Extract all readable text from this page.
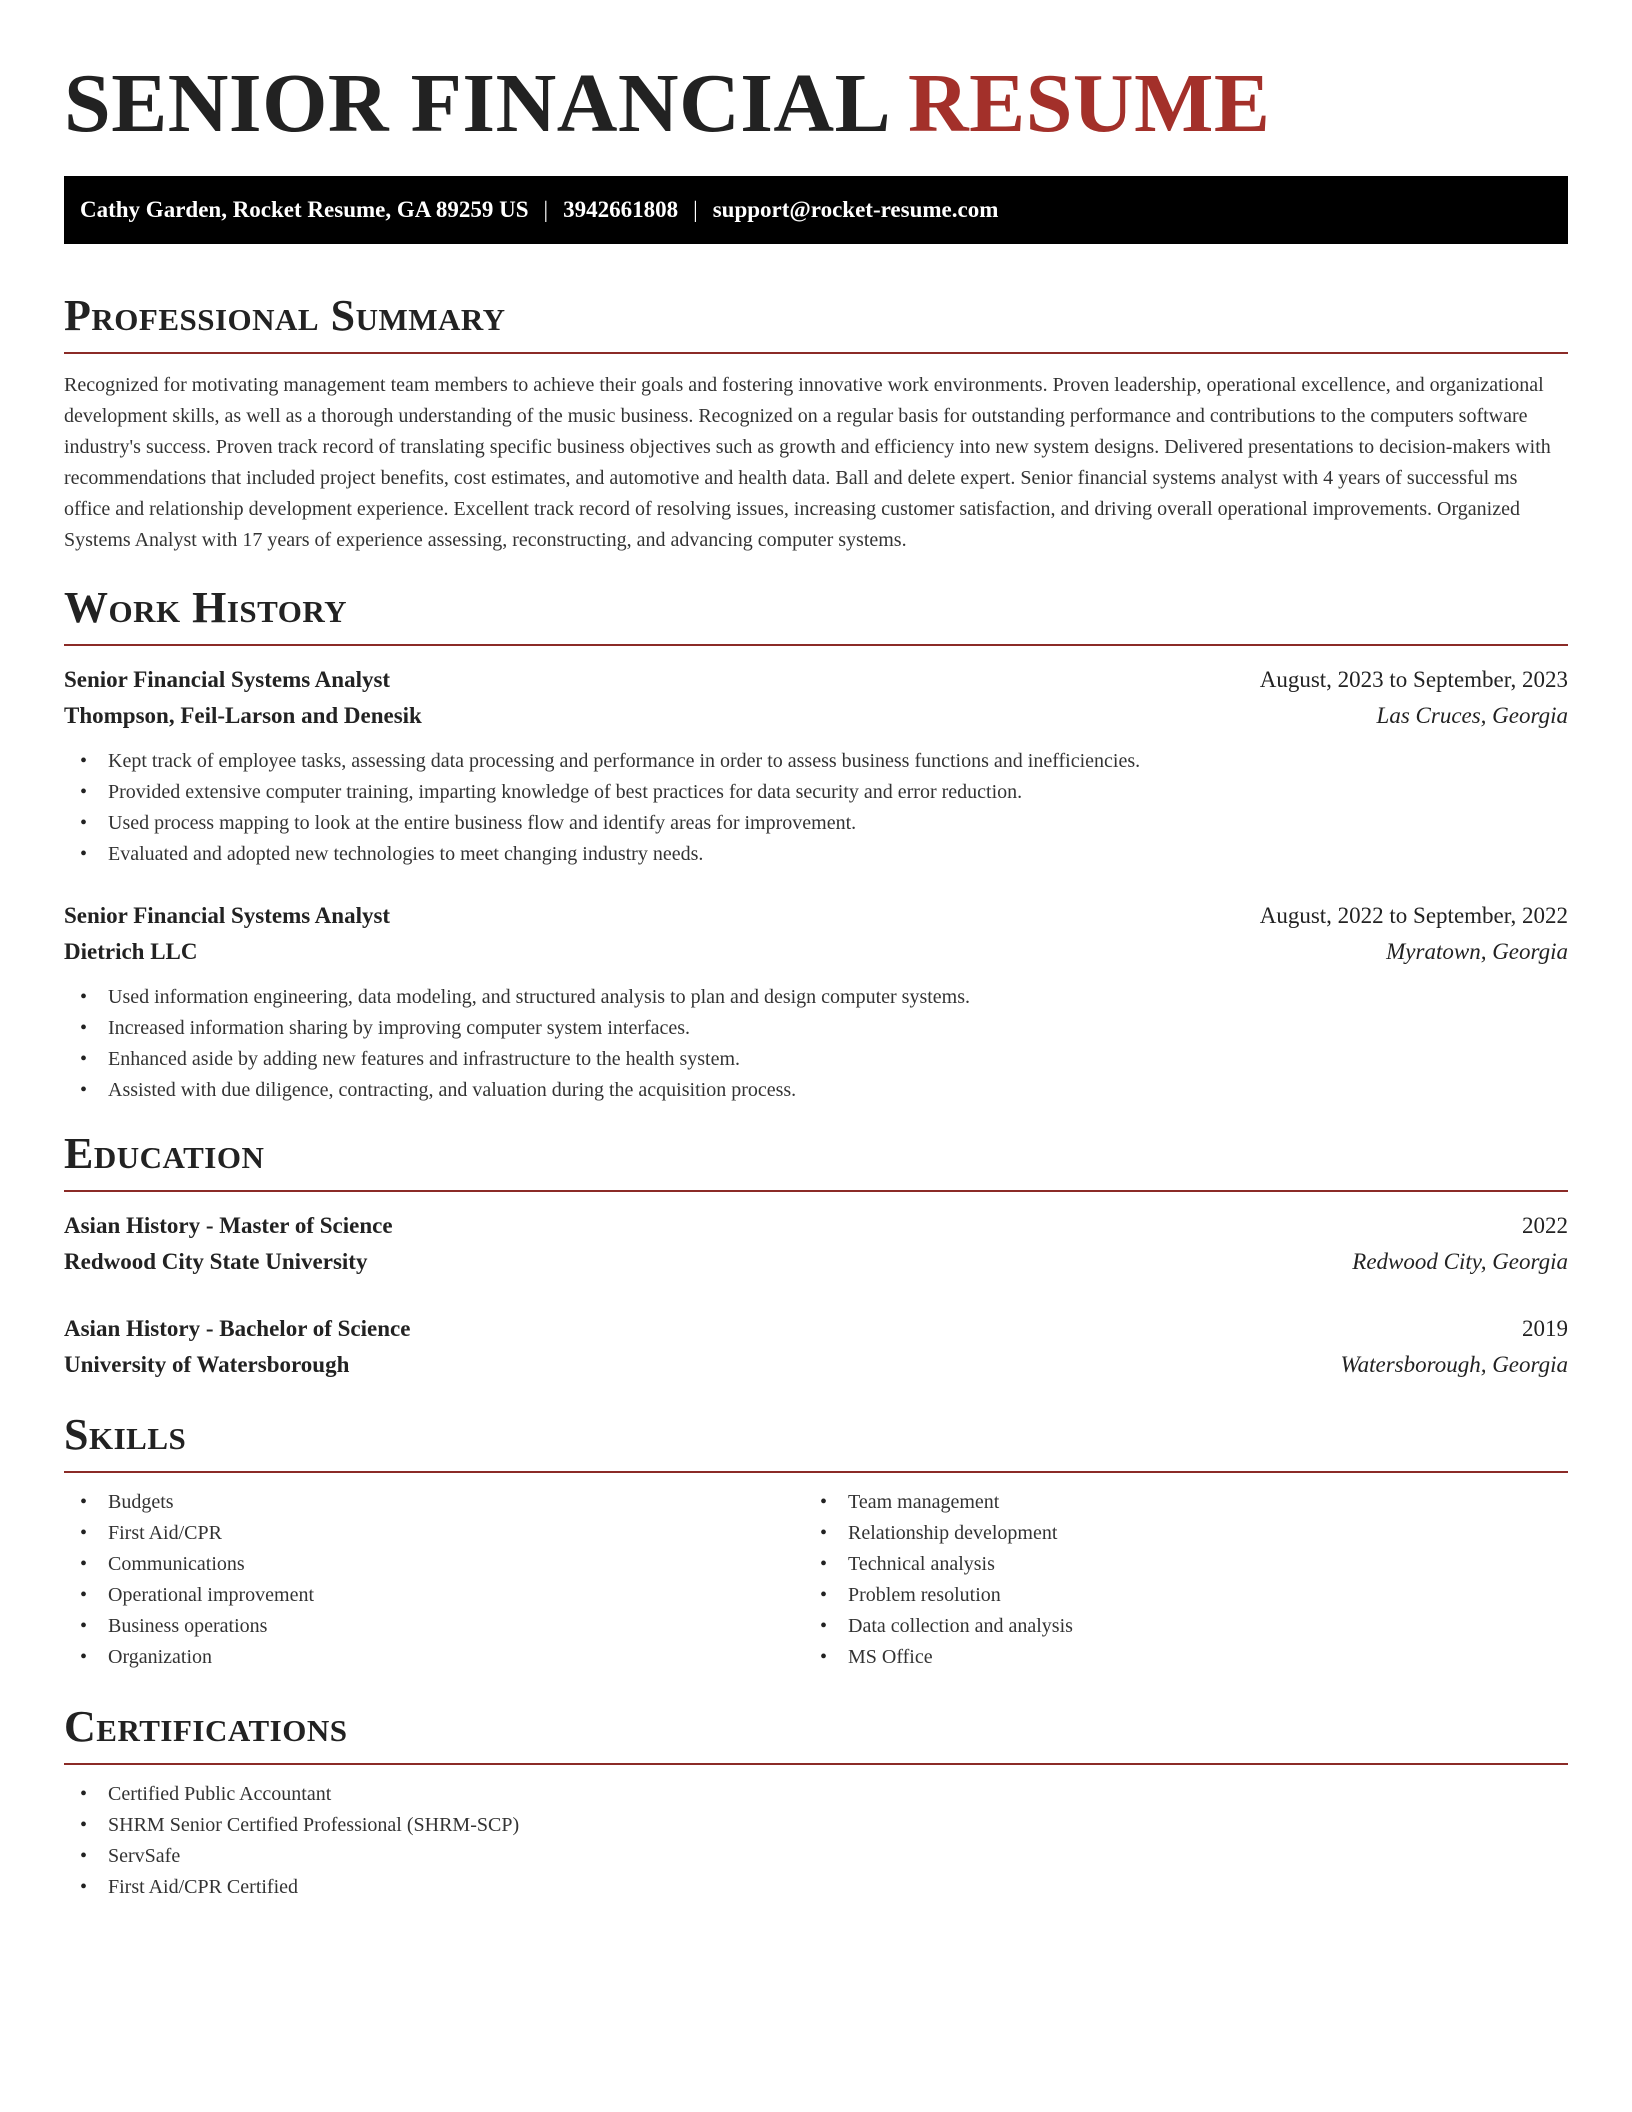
SENIOR FINANCIAL RESUME
Cathy Garden, Rocket Resume, GA 89259 US | 3942661808 | support@rocket-resume.com
Professional Summary

Recognized for motivating management team members to achieve their goals and fostering innovative work environments. Proven leadership, operational excellence, and organizational development skills, as well as a thorough understanding of the music business. Recognized on a regular basis for outstanding performance and contributions to the computers software industry's success. Proven track record of translating specific business objectives such as growth and efficiency into new system designs. Delivered presentations to decision-makers with recommendations that included project benefits, cost estimates, and automotive and health data. Ball and delete expert. Senior financial systems analyst with 4 years of successful ms office and relationship development experience. Excellent track record of resolving issues, increasing customer satisfaction, and driving overall operational improvements. Organized Systems Analyst with 17 years of experience assessing, reconstructing, and advancing computer systems.

Work History
Senior Financial Systems Analyst	August, 2023 to September, 2023
Thompson, Feil-Larson and Denesik	Las Cruces, Georgia
• Kept track of employee tasks, assessing data processing and performance in order to assess business functions and inefficiencies.
• Provided extensive computer training, imparting knowledge of best practices for data security and error reduction.
• Used process mapping to look at the entire business flow and identify areas for improvement.
• Evaluated and adopted new technologies to meet changing industry needs.
Senior Financial Systems Analyst	August, 2022 to September, 2022
Dietrich LLC	Myratown, Georgia
• Used information engineering, data modeling, and structured analysis to plan and design computer systems.
• Increased information sharing by improving computer system interfaces.
• Enhanced aside by adding new features and infrastructure to the health system.
• Assisted with due diligence, contracting, and valuation during the acquisition process.
Education
Asian History - Master of Science	2022
Redwood City State University	Redwood City, Georgia
Asian History - Bachelor of Science	2019
University of Watersborough	Watersborough, Georgia
Skills
• Budgets
• First Aid/CPR
• Communications
• Operational improvement
• Business operations
• Organization
• Team management
• Relationship development
• Technical analysis
• Problem resolution
• Data collection and analysis
• MS Office
Certifications
• Certified Public Accountant
• SHRM Senior Certified Professional (SHRM-SCP)
• ServSafe
• First Aid/CPR Certified
